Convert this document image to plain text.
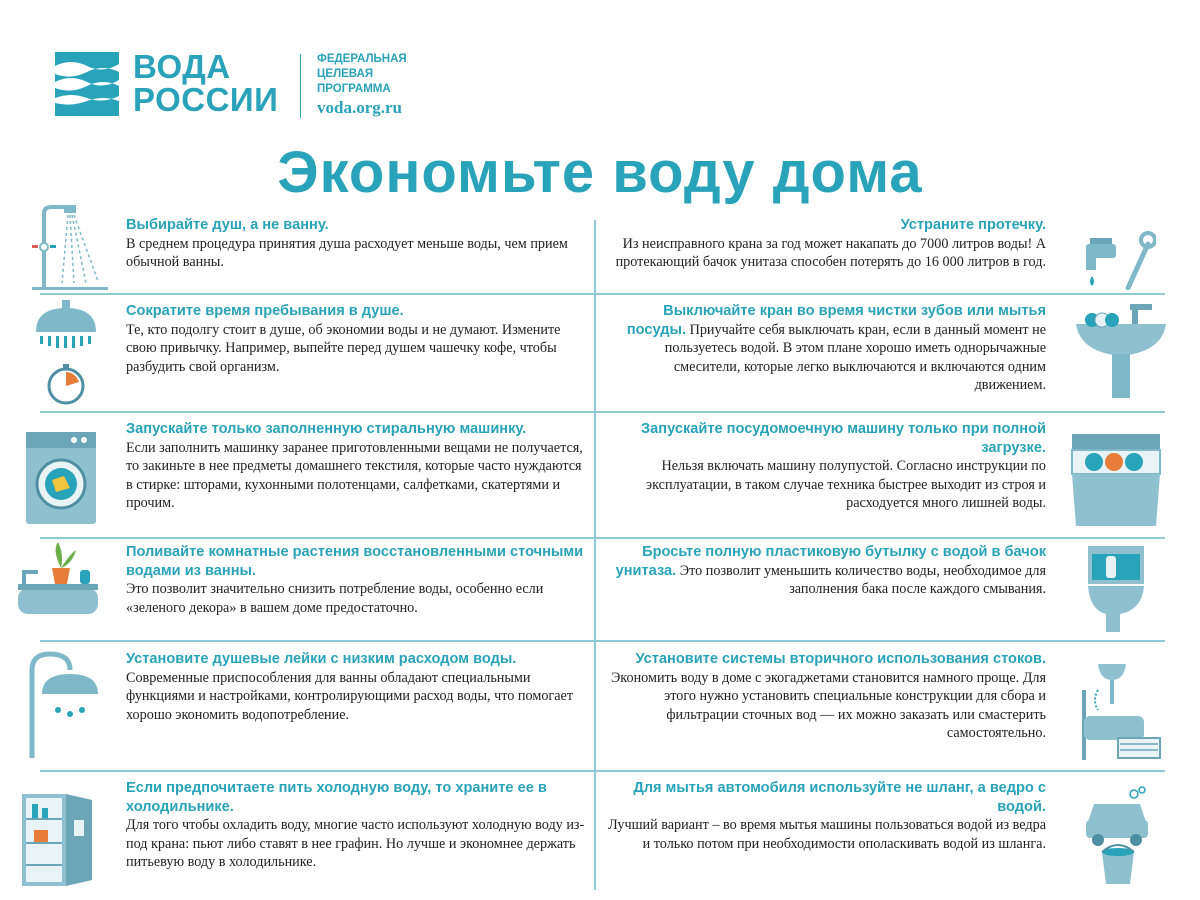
ВОДА
РОССИИ
ФЕДЕРАЛЬНАЯ
ЦЕЛЕВАЯ
ПРОГРАММА
voda.org.ru
Экономьте воду дома
Выбирайте душ, а не ванну.
В среднем процедура принятия душа расходует меньше воды, чем прием обычной ванны.
Сократите время пребывания в душе.
Те, кто подолгу стоит в душе, об экономии воды и не думают. Измените свою привычку. Например, выпейте перед душем чашечку кофе, чтобы разбудить свой организм.
Запускайте только заполненную стиральную машинку.
Если заполнить машинку заранее приготовленными вещами не получается, то закиньте в нее предметы домашнего текстиля, которые часто нуждаются в стирке: шторами, кухонными полотенцами, салфетками, скатертями и прочим.
Поливайте комнатные растения восстановленными сточными водами из ванны.
Это позволит значительно снизить потребление воды, особенно если «зеленого декора» в вашем доме предостаточно.
Установите душевые лейки с низким расходом воды.
Современные приспособления для ванны обладают специальными функциями и настройками, контролирующими расход воды, что помогает хорошо экономить водопотребление.
Если предпочитаете пить холодную воду, то храните ее в холодильнике.
Для того чтобы охладить воду, многие часто используют холодную воду из-под крана: пьют либо ставят в нее графин. Но лучше и экономнее держать питьевую воду в холодильнике.
Устраните протечку.
Из неисправного крана за год может накапать до 7000 литров воды! А протекающий бачок унитаза способен потерять до 16 000 литров в год.
Выключайте кран во время чистки зубов или мытья посуды. Приучайте себя выключать кран, если в данный момент не пользуетесь водой. В этом плане хорошо иметь однорычажные смесители, которые легко выключаются и включаются одним движением.
Запускайте посудомоечную машину только при полной загрузке.
Нельзя включать машину полупустой. Согласно инструкции по эксплуатации, в таком случае техника быстрее выходит из строя и расходуется много лишней воды.
Бросьте полную пластиковую бутылку с водой в бачок унитаза. Это позволит уменьшить количество воды, необходимое для заполнения бака после каждого смывания.
Установите системы вторичного использования стоков.
Экономить воду в доме с экогаджетами становится намного проще. Для этого нужно установить специальные конструкции для сбора и фильтрации сточных вод — их можно заказать или смастерить самостоятельно.
Для мытья автомобиля используйте не шланг, а ведро с водой.
Лучший вариант – во время мытья машины пользоваться водой из ведра и только потом при необходимости ополаскивать водой из шланга.
